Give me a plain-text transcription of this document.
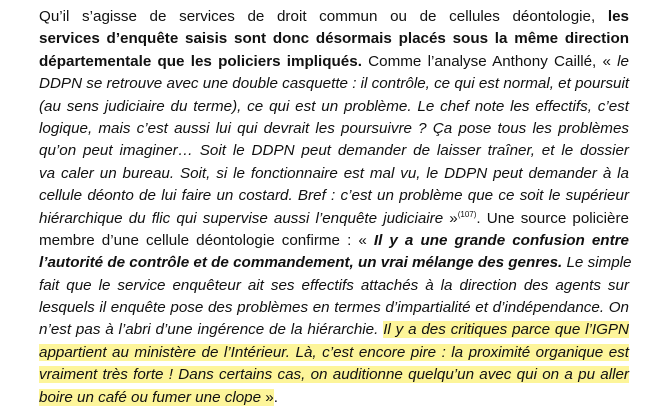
Qu’il s’agisse de services de droit commun ou de cellules déontologie, les
services d’enquête saisis sont donc désormais placés sous la même direction
départementale que les policiers impliqués. Comme l’analyse Anthony Caillé, « le
DDPN se retrouve avec une double casquette : il contrôle, ce qui est normal, et poursuit
(au sens judiciaire du terme), ce qui est un problème. Le chef note les effectifs, c’est
logique, mais c’est aussi lui qui devrait les poursuivre ? Ça pose tous les problèmes
qu’on peut imaginer… Soit le DDPN peut demander de laisser traîner, et le dossier
va caler un bureau. Soit, si le fonctionnaire est mal vu, le DDPN peut demander à la
cellule déonto de lui faire un costard. Bref : c’est un problème que ce soit le supérieur
hiérarchique du flic qui supervise aussi l’enquête judiciaire »$^{(107)}$. Une source policière
membre d’une cellule déontologie confirme : « Il y a une grande confusion entre
l’autorité de contrôle et de commandement, un vrai mélange des genres. Le simple
fait que le service enquêteur ait ses effectifs attachés à la direction des agents sur
lesquels il enquête pose des problèmes en termes d’impartialité et d’indépendance. On
n’est pas à l’abri d’une ingérence de la hiérarchie. Il y a des critiques parce que l’IGPN
appartient au ministère de l’Intérieur. Là, c’est encore pire : la proximité organique est
vraiment très forte ! Dans certains cas, on auditionne quelqu’un avec qui on a pu aller
boire un café ou fumer une clope ».
